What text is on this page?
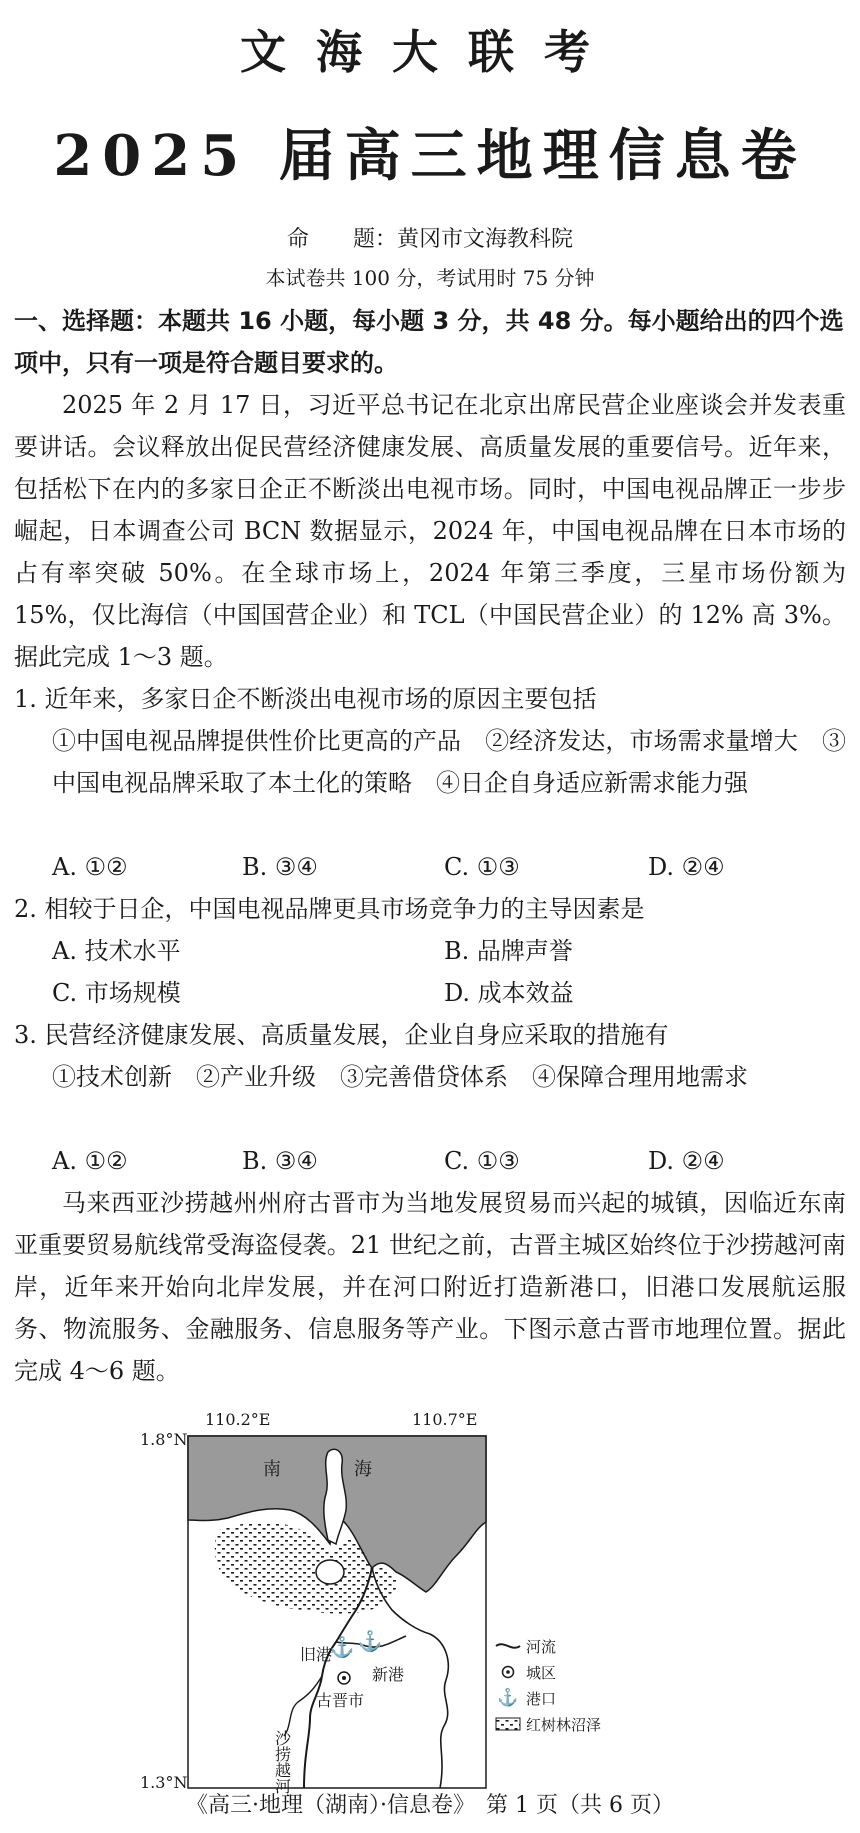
文海大联考
2025 届高三地理信息卷
命　　题：黄冈市文海教科院
本试卷共 100 分，考试用时 75 分钟
一、选择题：本题共 16 小题，每小题 3 分，共 48 分。每小题给出的四个选项中，只有一项是符合题目要求的。
2025 年 2 月 17 日，习近平总书记在北京出席民营企业座谈会并发表重要讲话。会议释放出促民营经济健康发展、高质量发展的重要信号。近年来，包括松下在内的多家日企正不断淡出电视市场。同时，中国电视品牌正一步步崛起，日本调查公司 BCN 数据显示，2024 年，中国电视品牌在日本市场的占有率突破 50%。在全球市场上，2024 年第三季度，三星市场份额为 15%，仅比海信（中国国营企业）和 TCL（中国民营企业）的 12% 高 3%。据此完成 1～3 题。
1. 近年来，多家日企不断淡出电视市场的原因主要包括
①中国电视品牌提供性价比更高的产品　②经济发达，市场需求量增大　③中国电视品牌采取了本土化的策略　④日企自身适应新需求能力强
A. ①②	B. ③④	C. ①③	D. ②④
2. 相较于日企，中国电视品牌更具市场竞争力的主导因素是
A. 技术水平	B. 品牌声誉
C. 市场规模	D. 成本效益
3. 民营经济健康发展、高质量发展，企业自身应采取的措施有
①技术创新　②产业升级　③完善借贷体系　④保障合理用地需求
A. ①②	B. ③④	C. ①③	D. ②④
马来西亚沙捞越州州府古晋市为当地发展贸易而兴起的城镇，因临近东南亚重要贸易航线常受海盗侵袭。21 世纪之前，古晋主城区始终位于沙捞越河南岸，近年来开始向北岸发展，并在河口附近打造新港口，旧港口发展航运服务、物流服务、金融服务、信息服务等产业。下图示意古晋市地理位置。据此完成 4～6 题。
110.2°E	110.7°E
1.8°N
1.3°N
南	海
⚓ ⚓
旧港
新港
古晋市
沙捞越河
河流
城区
⚓ 港口
红树林沼泽
《高三·地理（湖南）·信息卷》　第 1 页（共 6 页）
